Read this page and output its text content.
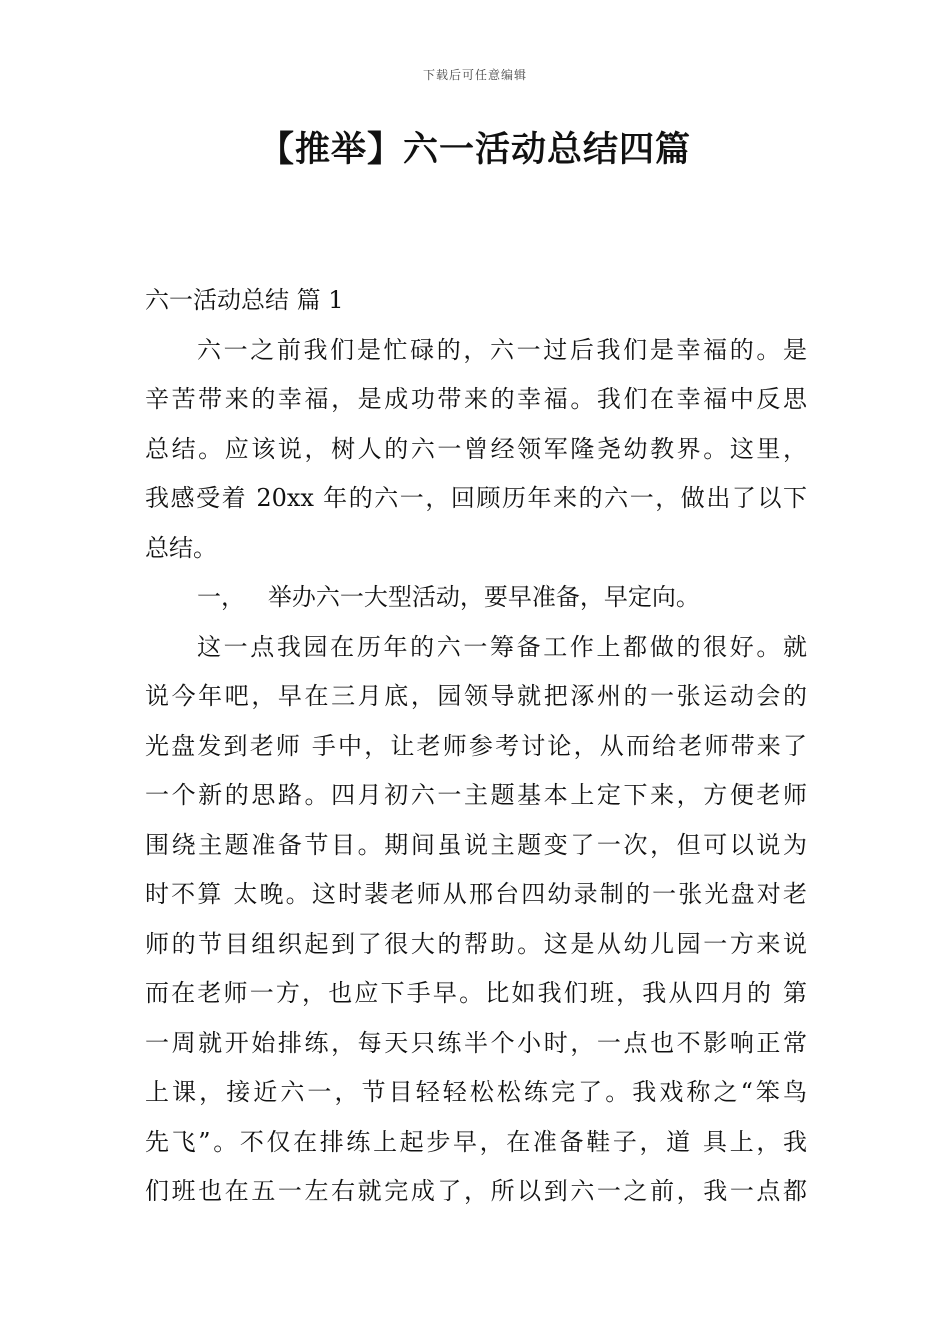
下载后可任意编辑
【推举】六一活动总结四篇
六一活动总结 篇 1
六一之前我们是忙碌的，六一过后我们是幸福的。是
辛苦带来的幸福，是成功带来的幸福。我们在幸福中反思
总结。应该说，树人的六一曾经领军隆尧幼教界。这里，
我感受着 20xx 年的六一，回顾历年来的六一，做出了以下
总结。
一，   举办六一大型活动，要早准备，早定向。
这一点我园在历年的六一筹备工作上都做的很好。就
说今年吧，早在三月底，园领导就把涿州的一张运动会的
光盘发到老师 手中，让老师参考讨论，从而给老师带来了
一个新的思路。四月初六一主题基本上定下来，方便老师
围绕主题准备节目。期间虽说主题变了一次，但可以说为
时不算 太晚。这时裴老师从邢台四幼录制的一张光盘对老
师的节目组织起到了很大的帮助。这是从幼儿园一方来说
而在老师一方，也应下手早。比如我们班，我从四月的 第
一周就开始排练，每天只练半个小时，一点也不影响正常
上课，接近六一，节目轻轻松松练完了。我戏称之“笨鸟
先飞”。不仅在排练上起步早，在准备鞋子，道 具上，我
们班也在五一左右就完成了，所以到六一之前，我一点都
